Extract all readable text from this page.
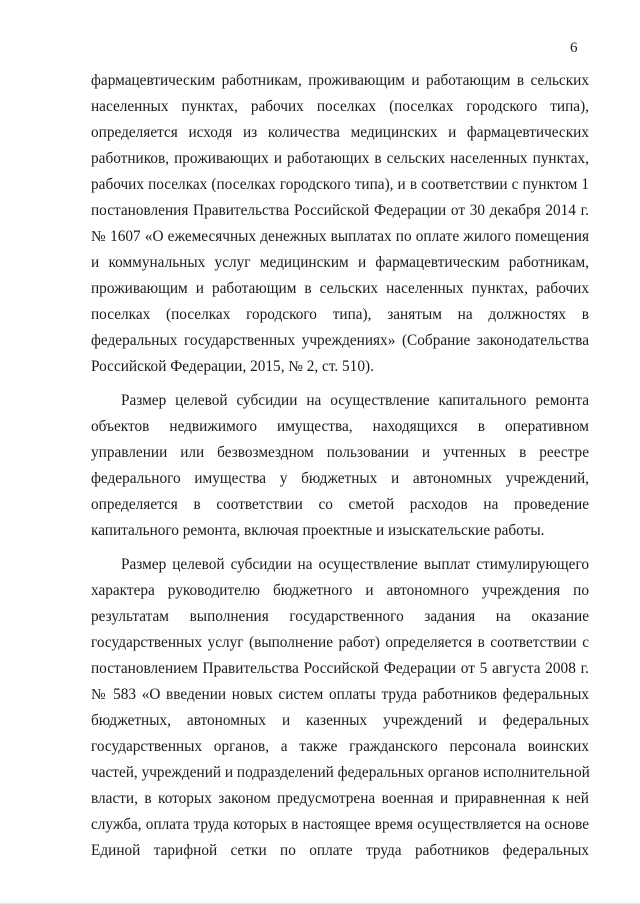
6
фармацевтическим работникам, проживающим и работающим в сельских
населенных пунктах, рабочих поселках (поселках городского типа),
определяется исходя из количества медицинских и фармацевтических
работников, проживающих и работающих в сельских населенных пунктах,
рабочих поселках (поселках городского типа), и в соответствии с пунктом 1
постановления Правительства Российской Федерации от 30 декабря 2014 г.
№ 1607 «О ежемесячных денежных выплатах по оплате жилого помещения
и коммунальных услуг медицинским и фармацевтическим работникам,
проживающим и работающим в сельских населенных пунктах, рабочих
поселках (поселках городского типа), занятым на должностях в
федеральных государственных учреждениях» (Собрание законодательства
Российской Федерации, 2015, № 2, ст. 510).
Размер целевой субсидии на осуществление капитального ремонта
объектов недвижимого имущества, находящихся в оперативном
управлении или безвозмездном пользовании и учтенных в реестре
федерального имущества у бюджетных и автономных учреждений,
определяется в соответствии со сметой расходов на проведение
капитального ремонта, включая проектные и изыскательские работы.
Размер целевой субсидии на осуществление выплат стимулирующего
характера руководителю бюджетного и автономного учреждения по
результатам выполнения государственного задания на оказание
государственных услуг (выполнение работ) определяется в соответствии с
постановлением Правительства Российской Федерации от 5 августа 2008 г.
№ 583 «О введении новых систем оплаты труда работников федеральных
бюджетных, автономных и казенных учреждений и федеральных
государственных органов, а также гражданского персонала воинских
частей, учреждений и подразделений федеральных органов исполнительной
власти, в которых законом предусмотрена военная и приравненная к ней
служба, оплата труда которых в настоящее время осуществляется на основе
Единой тарифной сетки по оплате труда работников федеральных
